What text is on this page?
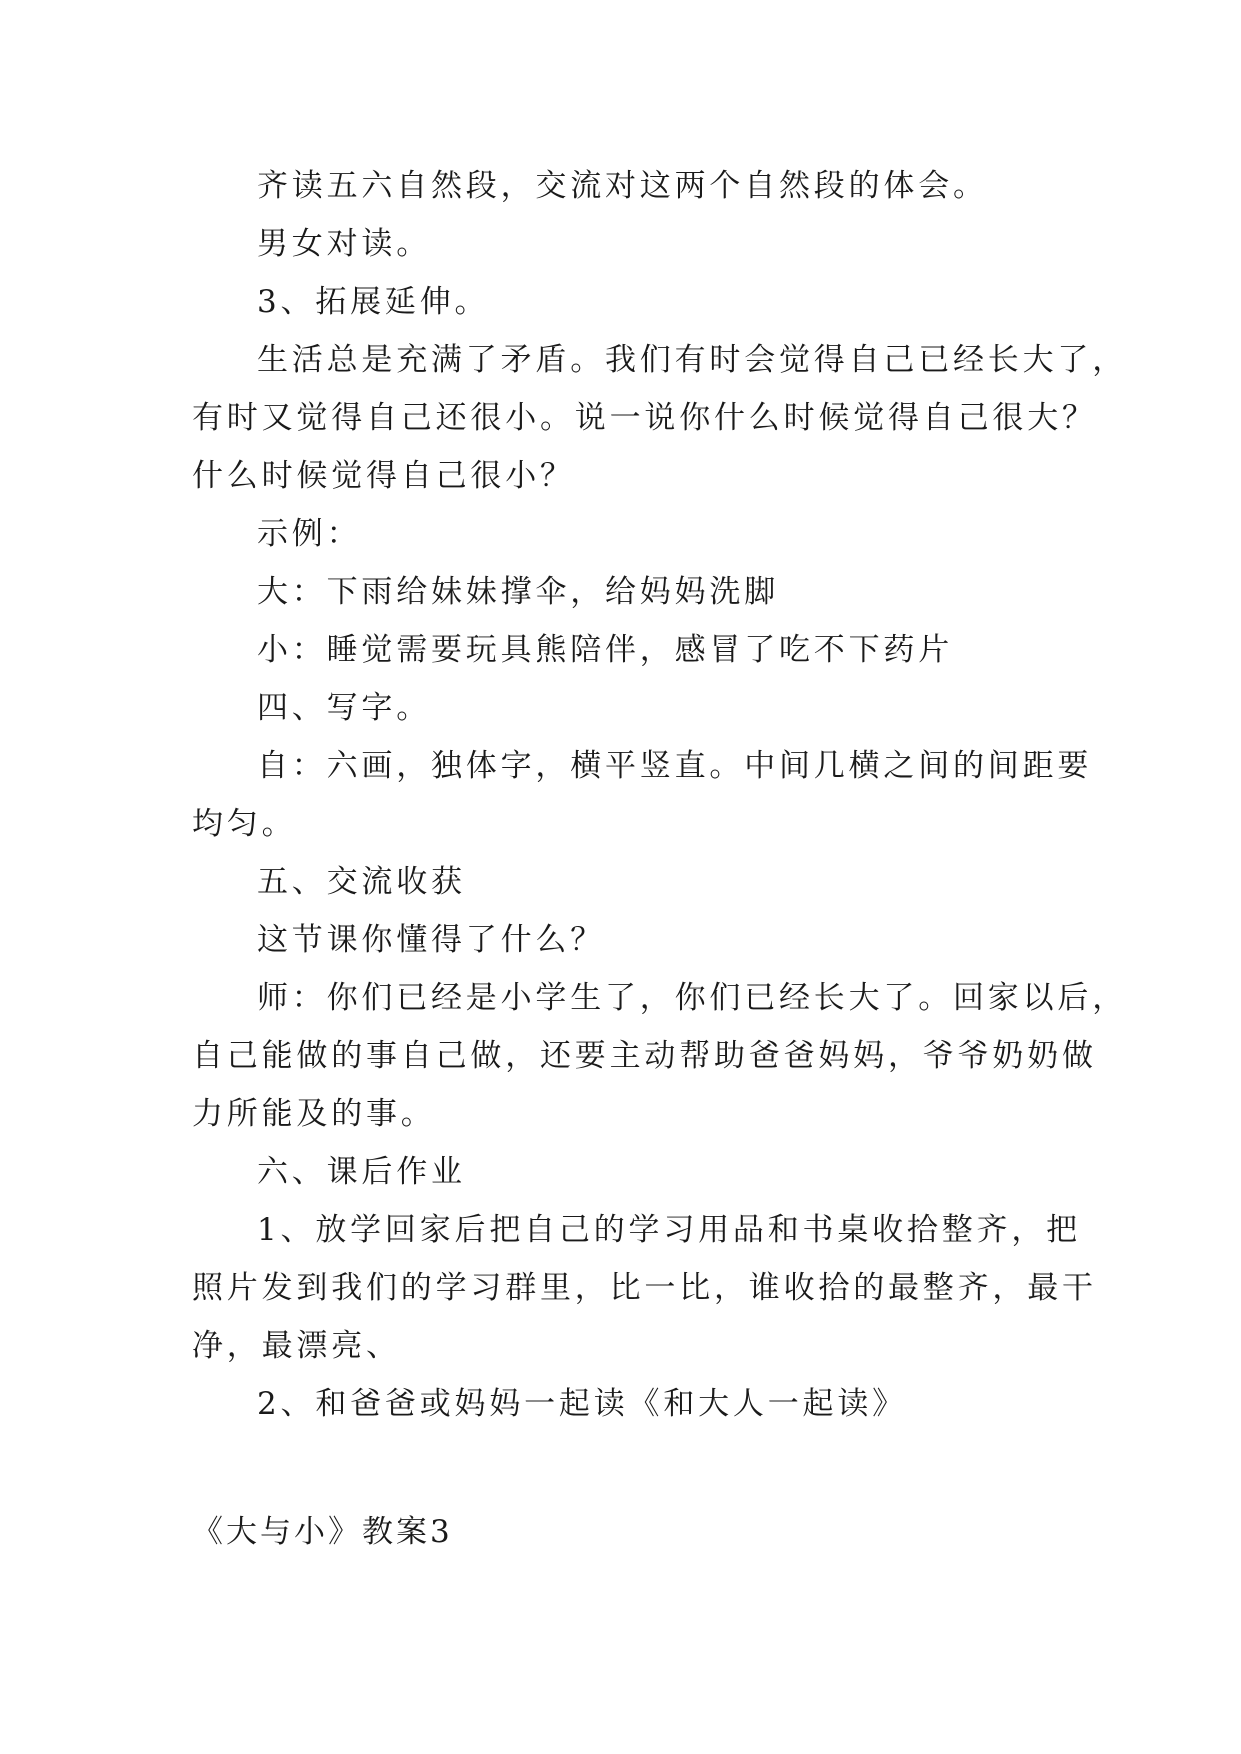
齐读五六自然段，交流对这两个自然段的体会。
男女对读。
3、拓展延伸。
生活总是充满了矛盾。我们有时会觉得自己已经长大了，
有时又觉得自己还很小。说一说你什么时候觉得自己很大？
什么时候觉得自己很小？
示例：
大：下雨给妹妹撑伞，给妈妈洗脚
小：睡觉需要玩具熊陪伴，感冒了吃不下药片
四、写字。
自：六画，独体字，横平竖直。中间几横之间的间距要
均匀。
五、交流收获
这节课你懂得了什么？
师：你们已经是小学生了，你们已经长大了。回家以后，
自己能做的事自己做，还要主动帮助爸爸妈妈，爷爷奶奶做
力所能及的事。
六、课后作业
1、放学回家后把自己的学习用品和书桌收拾整齐，把
照片发到我们的学习群里，比一比，谁收拾的最整齐，最干
净，最漂亮、
2、和爸爸或妈妈一起读《和大人一起读》
《大与小》教案3
